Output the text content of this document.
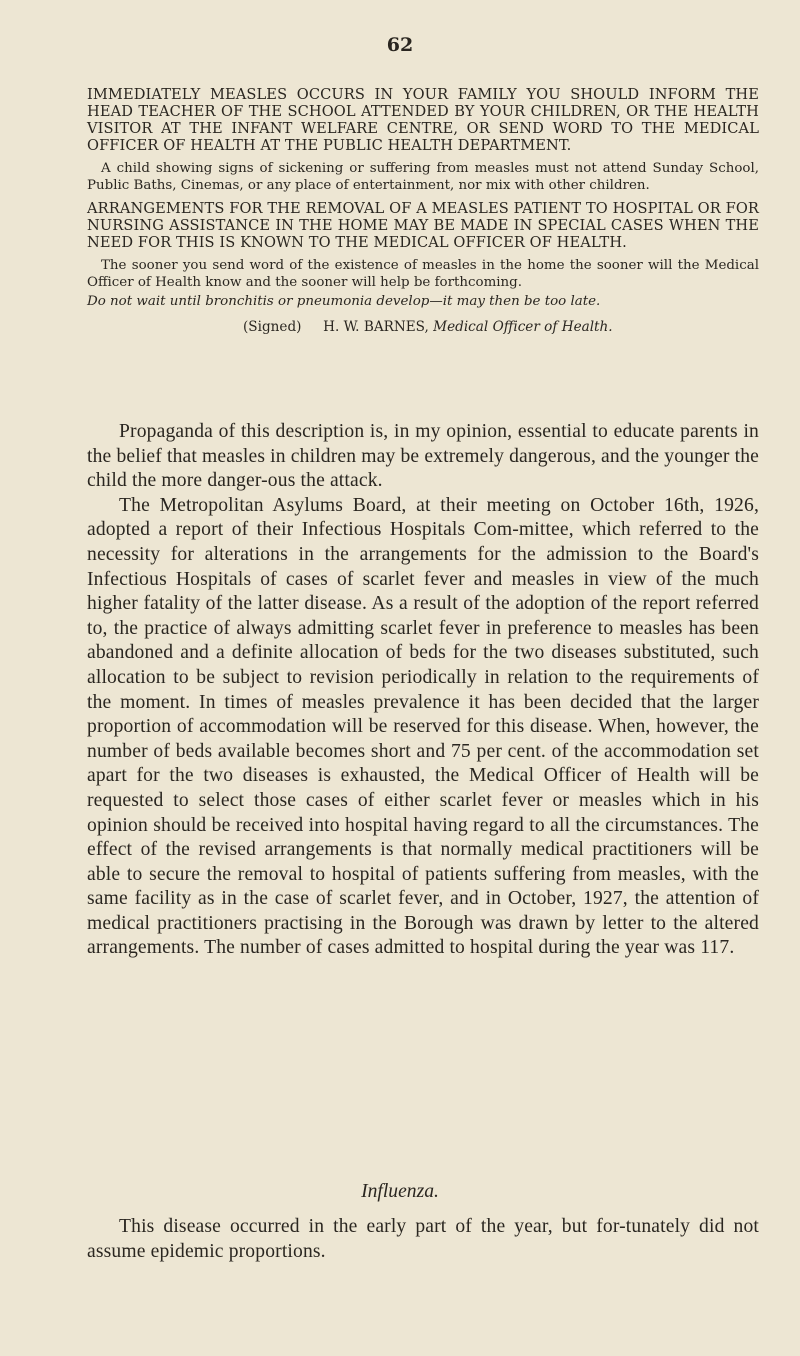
62

IMMEDIATELY MEASLES OCCURS IN YOUR FAMILY YOU SHOULD INFORM THE HEAD TEACHER OF THE SCHOOL ATTENDED BY YOUR CHILDREN, OR THE HEALTH VISITOR AT THE INFANT WELFARE CENTRE, OR SEND WORD TO THE MEDICAL OFFICER OF HEALTH AT THE PUBLIC HEALTH DEPARTMENT.

A child showing signs of sickening or suffering from measles must not attend Sunday School, Public Baths, Cinemas, or any place of entertainment, nor mix with other children.

ARRANGEMENTS FOR THE REMOVAL OF A MEASLES PATIENT TO HOSPITAL OR FOR NURSING ASSISTANCE IN THE HOME MAY BE MADE IN SPECIAL CASES WHEN THE NEED FOR THIS IS KNOWN TO THE MEDICAL OFFICER OF HEALTH.

The sooner you send word of the existence of measles in the home the sooner will the Medical Officer of Health know and the sooner will help be forthcoming.

Do not wait until bronchitis or pneumonia develop—it may then be too late.

(Signed) H. W. BARNES, Medical Officer of Health.

Propaganda of this description is, in my opinion, essential to educate parents in the belief that measles in children may be extremely dangerous, and the younger the child the more danger-ous the attack.

The Metropolitan Asylums Board, at their meeting on October 16th, 1926, adopted a report of their Infectious Hospitals Com-mittee, which referred to the necessity for alterations in the arrangements for the admission to the Board's Infectious Hospitals of cases of scarlet fever and measles in view of the much higher fatality of the latter disease. As a result of the adoption of the report referred to, the practice of always admitting scarlet fever in preference to measles has been abandoned and a definite allocation of beds for the two diseases substituted, such allocation to be subject to revision periodically in relation to the requirements of the moment. In times of measles prevalence it has been decided that the larger proportion of accommodation will be reserved for this disease. When, however, the number of beds available becomes short and 75 per cent. of the accommodation set apart for the two diseases is exhausted, the Medical Officer of Health will be requested to select those cases of either scarlet fever or measles which in his opinion should be received into hospital having regard to all the circumstances. The effect of the revised arrangements is that normally medical practitioners will be able to secure the removal to hospital of patients suffering from measles, with the same facility as in the case of scarlet fever, and in October, 1927, the attention of medical practitioners practising in the Borough was drawn by letter to the altered arrangements. The number of cases admitted to hospital during the year was 117.

Influenza.

This disease occurred in the early part of the year, but for-tunately did not assume epidemic proportions.
